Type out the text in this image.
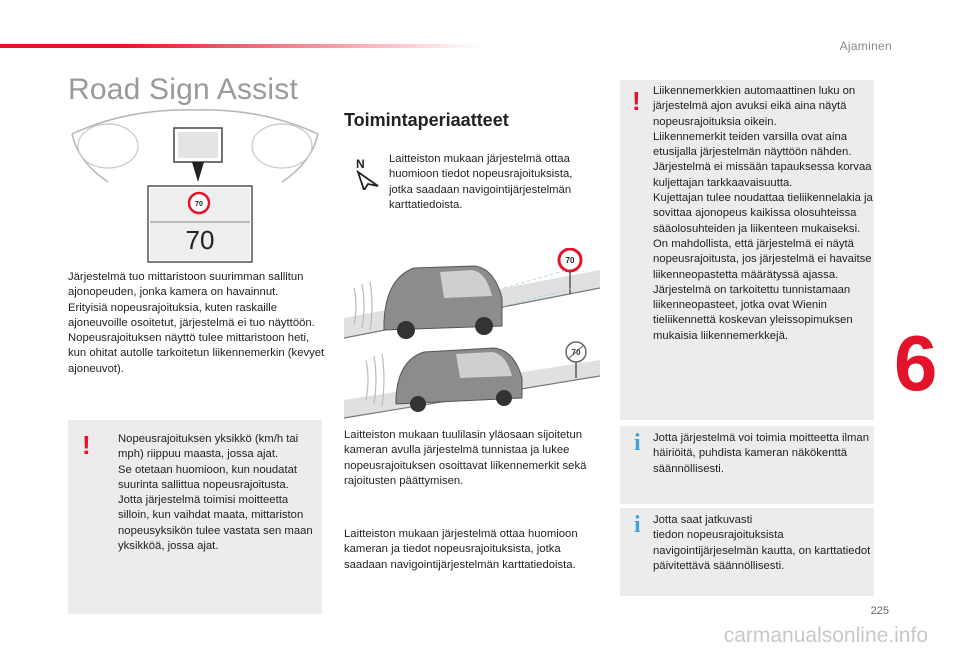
Ajaminen
6
225
carmanualsonline.info
Road Sign Assist
70
70
Järjestelmä tuo mittaristoon suurimman sallitun ajonopeuden, jonka kamera on havainnut.
Erityisiä nopeusrajoituksia, kuten raskaille ajoneuvoille osoitetut, järjestelmä ei tuo näyttöön.
Nopeusrajoituksen näyttö tulee mittaristoon heti, kun ohitat autolle tarkoitetun liikennemerkin (kevyet ajoneuvot).
! Nopeusrajoituksen yksikkö (km/h tai mph) riippuu maasta, jossa ajat.
Se otetaan huomioon, kun noudatat suurinta sallittua nopeusrajoitusta.
Jotta järjestelmä toimisi moitteetta silloin, kun vaihdat maata, mittariston nopeusyksikön tulee vastata sen maan yksikköä, jossa ajat.
Toimintaperiaatteet
N Laitteiston mukaan järjestelmä ottaa huomioon tiedot nopeusrajoituksista, jotka saadaan navigointijärjestelmän karttatiedoista.
70
70
Laitteiston mukaan tuulilasin yläosaan sijoitetun kameran avulla järjestelmä tunnistaa ja lukee nopeusrajoituksen osoittavat liikennemerkit sekä rajoitusten päättymisen.
Laitteiston mukaan järjestelmä ottaa huomioon kameran ja tiedot nopeusrajoituksista, jotka saadaan navigointijärjestelmän karttatiedoista.
! Liikennemerkkien automaattinen luku on järjestelmä ajon avuksi eikä aina näytä nopeusrajoituksia oikein.
Liikennemerkit teiden varsilla ovat aina etusijalla järjestelmän näyttöön nähden.
Järjestelmä ei missään tapauksessa korvaa kuljettajan tarkkaavaisuutta.
Kujettajan tulee noudattaa tieliikennelakia ja sovittaa ajonopeus kaikissa olosuhteissa sääolosuhteiden ja liikenteen mukaiseksi.
On mahdollista, että järjestelmä ei näytä nopeusrajoitusta, jos järjestelmä ei havaitse liikenneopastetta määrätyssä ajassa.
Järjestelmä on tarkoitettu tunnistamaan liikenneopasteet, jotka ovat Wienin tieliikennettä koskevan yleissopimuksen mukaisia liikennemerkkejä.
i Jotta järjestelmä voi toimia moitteetta ilman häiriöitä, puhdista kameran näkökenttä säännöllisesti.
i Jotta saat jatkuvasti
tiedon nopeusrajoituksista navigointijärjeselmän kautta, on karttatiedot päivitettävä säännöllisesti.
